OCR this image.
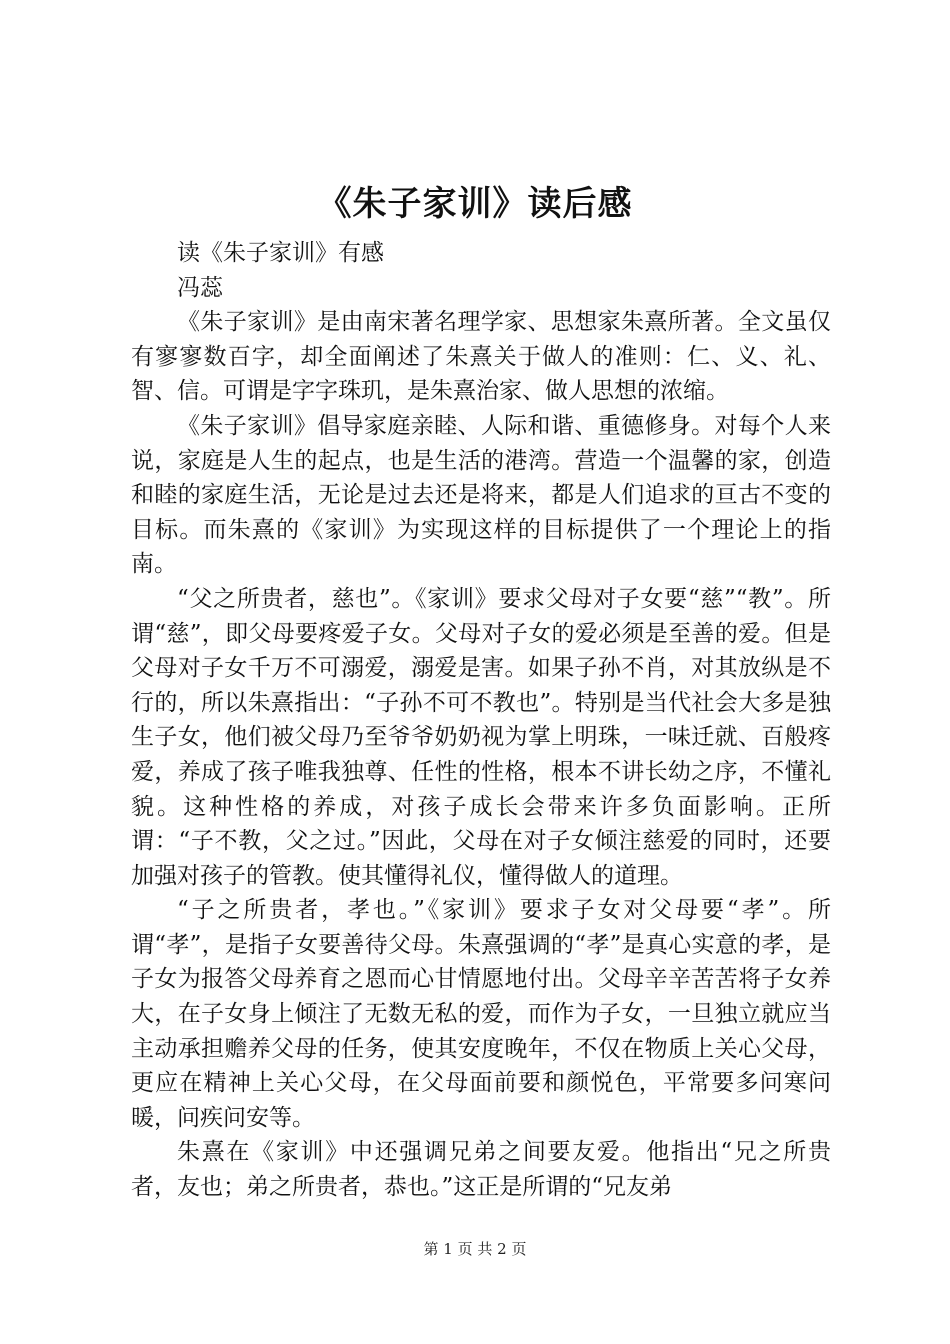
《朱子家训》读后感

读《朱子家训》有感

冯蕊

《朱子家训》是由南宋著名理学家、思想家朱熹所著。全文虽仅有寥寥数百字，却全面阐述了朱熹关于做人的准则：仁、义、礼、智、信。可谓是字字珠玑，是朱熹治家、做人思想的浓缩。

《朱子家训》倡导家庭亲睦、人际和谐、重德修身。对每个人来说，家庭是人生的起点，也是生活的港湾。营造一个温馨的家，创造和睦的家庭生活，无论是过去还是将来，都是人们追求的亘古不变的目标。而朱熹的《家训》为实现这样的目标提供了一个理论上的指南。

“父之所贵者，慈也”。《家训》要求父母对子女要“慈”“教”。所谓“慈”，即父母要疼爱子女。父母对子女的爱必须是至善的爱。但是父母对子女千万不可溺爱，溺爱是害。如果子孙不肖，对其放纵是不行的，所以朱熹指出：“子孙不可不教也”。特别是当代社会大多是独生子女，他们被父母乃至爷爷奶奶视为掌上明珠，一味迁就、百般疼爱，养成了孩子唯我独尊、任性的性格，根本不讲长幼之序，不懂礼貌。这种性格的养成，对孩子成长会带来许多负面影响。正所谓：“子不教，父之过。”因此，父母在对子女倾注慈爱的同时，还要加强对孩子的管教。使其懂得礼仪，懂得做人的道理。

“子之所贵者，孝也。”《家训》要求子女对父母要“孝”。所谓“孝”，是指子女要善待父母。朱熹强调的“孝”是真心实意的孝，是子女为报答父母养育之恩而心甘情愿地付出。父母辛辛苦苦将子女养大，在子女身上倾注了无数无私的爱，而作为子女，一旦独立就应当主动承担赡养父母的任务，使其安度晚年，不仅在物质上关心父母，更应在精神上关心父母，在父母面前要和颜悦色，平常要多问寒问暖，问疾问安等。

朱熹在《家训》中还强调兄弟之间要友爱。他指出“兄之所贵者，友也；弟之所贵者，恭也。”这正是所谓的“兄友弟

第 1 页 共 2 页
